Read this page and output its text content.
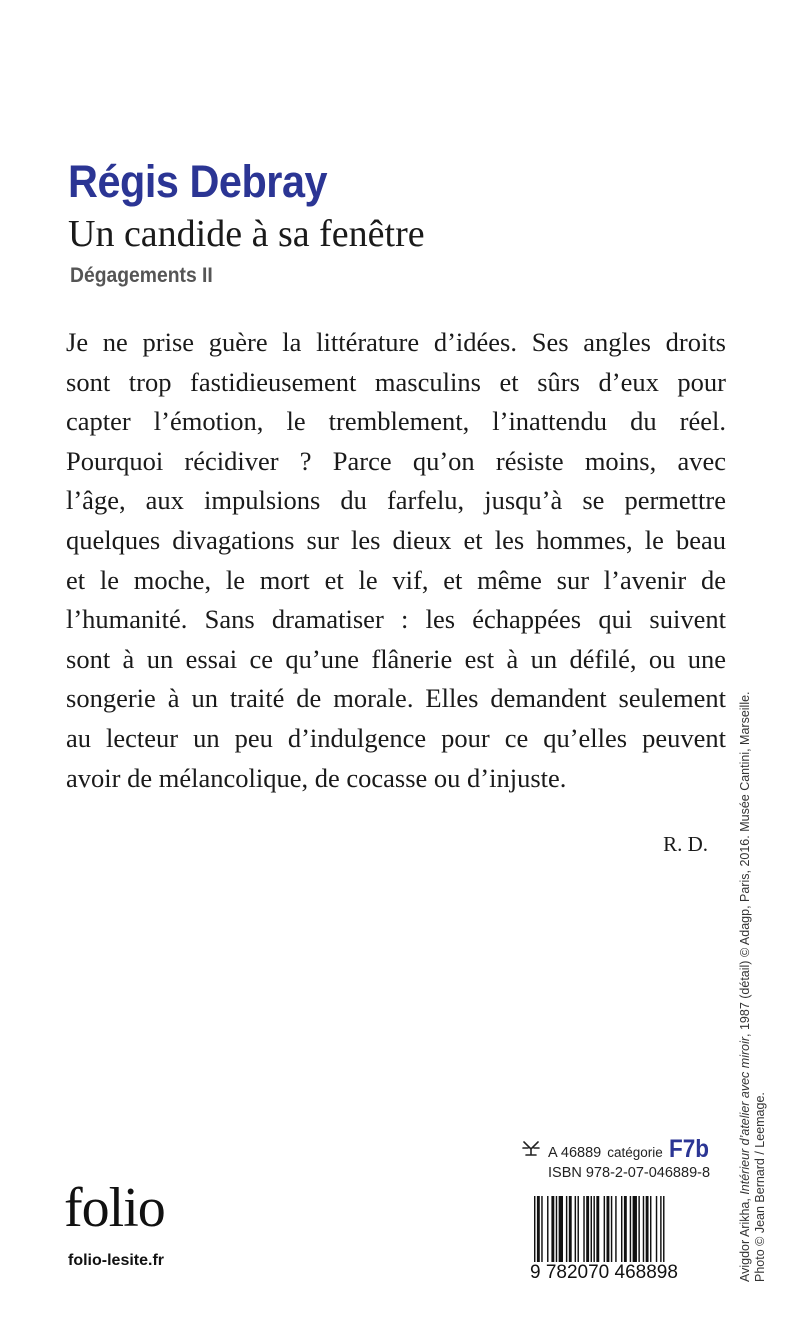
Régis Debray
Un candide à sa fenêtre
Dégagements II

Je ne prise guère la littérature d’idées. Ses angles droits
sont trop fastidieusement masculins et sûrs d’eux pour
capter l’émotion, le tremblement, l’inattendu du réel.
Pourquoi récidiver ? Parce qu’on résiste moins, avec
l’âge, aux impulsions du farfelu, jusqu’à se permettre
quelques divagations sur les dieux et les hommes, le beau
et le moche, le mort et le vif, et même sur l’avenir de
l’humanité. Sans dramatiser : les échappées qui suivent
sont à un essai ce qu’une flânerie est à un défilé, ou une
songerie à un traité de morale. Elles demandent seulement
au lecteur un peu d’indulgence pour ce qu’elles peuvent
avoir de mélancolique, de cocasse ou d’injuste.

R. D.
Avigdor Arikha, Intérieur d’atelier avec miroir, 1987 (détail) © Adagp, Paris, 2016. Musée Cantini, Marseille.
Photo © Jean Bernard / Leemage.
A 46889 catégorie F7b
ISBN 978-2-07-046889-8
9 782070 468898
folio
folio-lesite.fr
